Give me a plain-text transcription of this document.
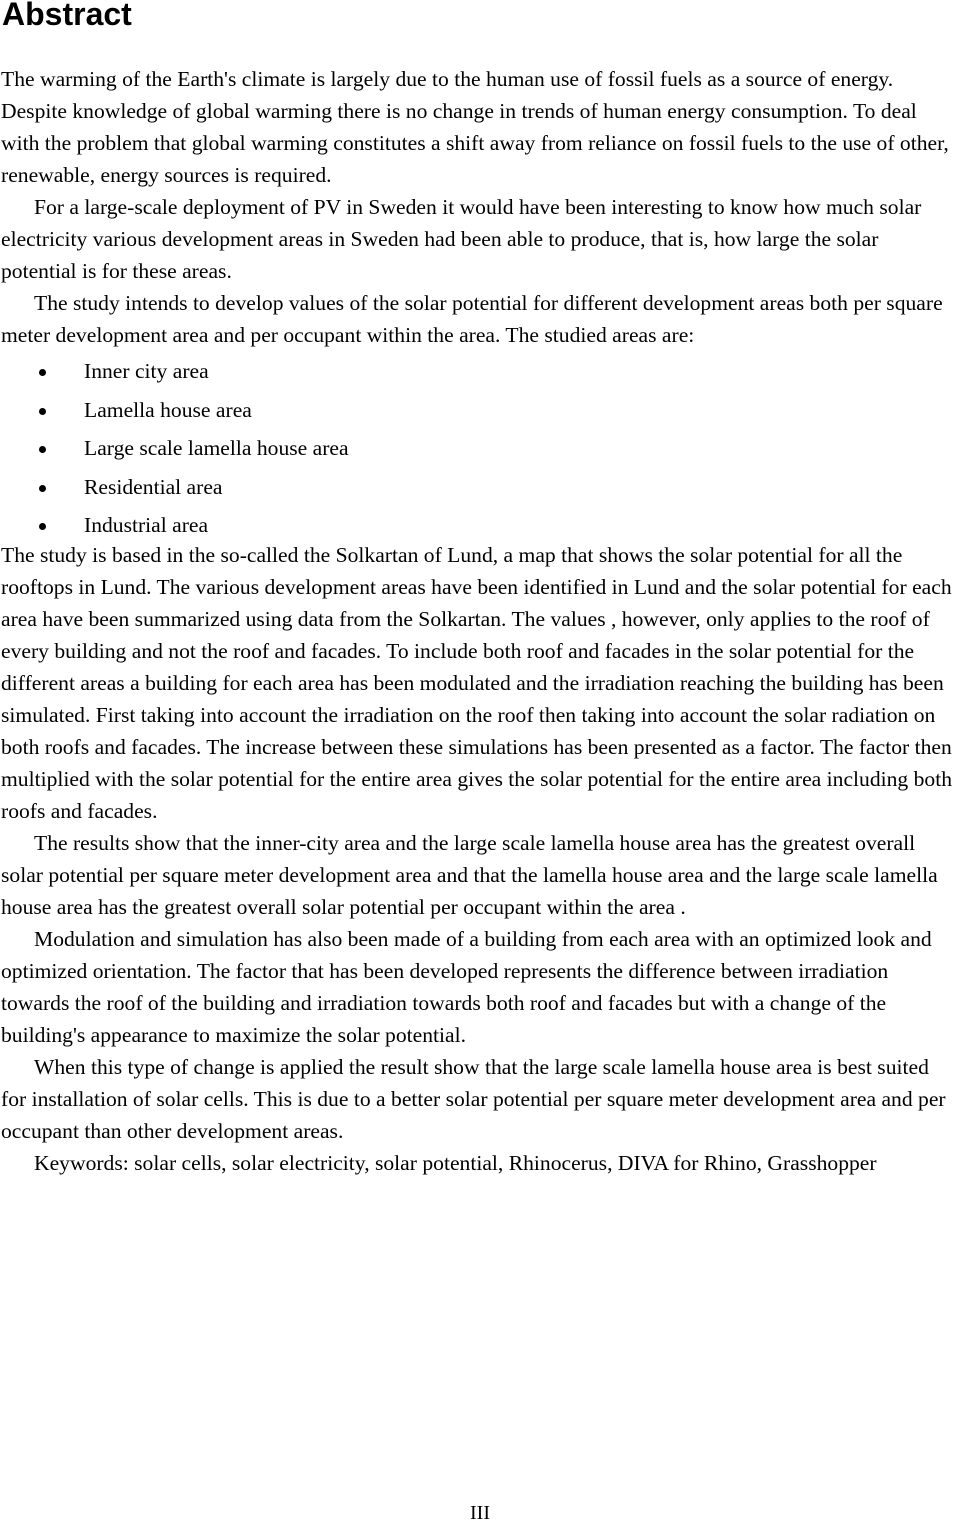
Abstract

The warming of the Earth's climate is largely due to the human use of fossil fuels as a source of energy. Despite knowledge of global warming there is no change in trends of human energy consumption. To deal with the problem that global warming constitutes a shift away from reliance on fossil fuels to the use of other, renewable, energy sources is required.

For a large-scale deployment of PV in Sweden it would have been interesting to know how much solar electricity various development areas in Sweden had been able to produce, that is, how large the solar potential is for these areas.

The study intends to develop values of the solar potential for different development areas both per square meter development area and per occupant within the area. The studied areas are:

Inner city area
Lamella house area
Large scale lamella house area
Residential area
Industrial area

The study is based in the so-called the Solkartan of Lund, a map that shows the solar potential for all the rooftops in Lund. The various development areas have been identified in Lund and the solar potential for each area have been summarized using data from the Solkartan. The values , however, only applies to the roof of every building and not the roof and facades. To include both roof and facades in the solar potential for the different areas a building for each area has been modulated and the irradiation reaching the building has been simulated. First taking into account the irradiation on the roof then taking into account the solar radiation on both roofs and facades. The increase between these simulations has been presented as a factor. The factor then multiplied with the solar potential for the entire area gives the solar potential for the entire area including both roofs and facades.

The results show that the inner-city area and the large scale lamella house area has the greatest overall solar potential per square meter development area and that the lamella house area and the large scale lamella house area has the greatest overall solar potential per occupant within the area .

Modulation and simulation has also been made of a building from each area with an optimized look and optimized orientation. The factor that has been developed represents the difference between irradiation towards the roof of the building and irradiation towards both roof and facades but with a change of the building's appearance to maximize the solar potential.

When this type of change is applied the result show that the large scale lamella house area is best suited for installation of solar cells. This is due to a better solar potential per square meter development area and per occupant than other development areas.

Keywords: solar cells, solar electricity, solar potential, Rhinocerus, DIVA for Rhino, Grasshopper

III
